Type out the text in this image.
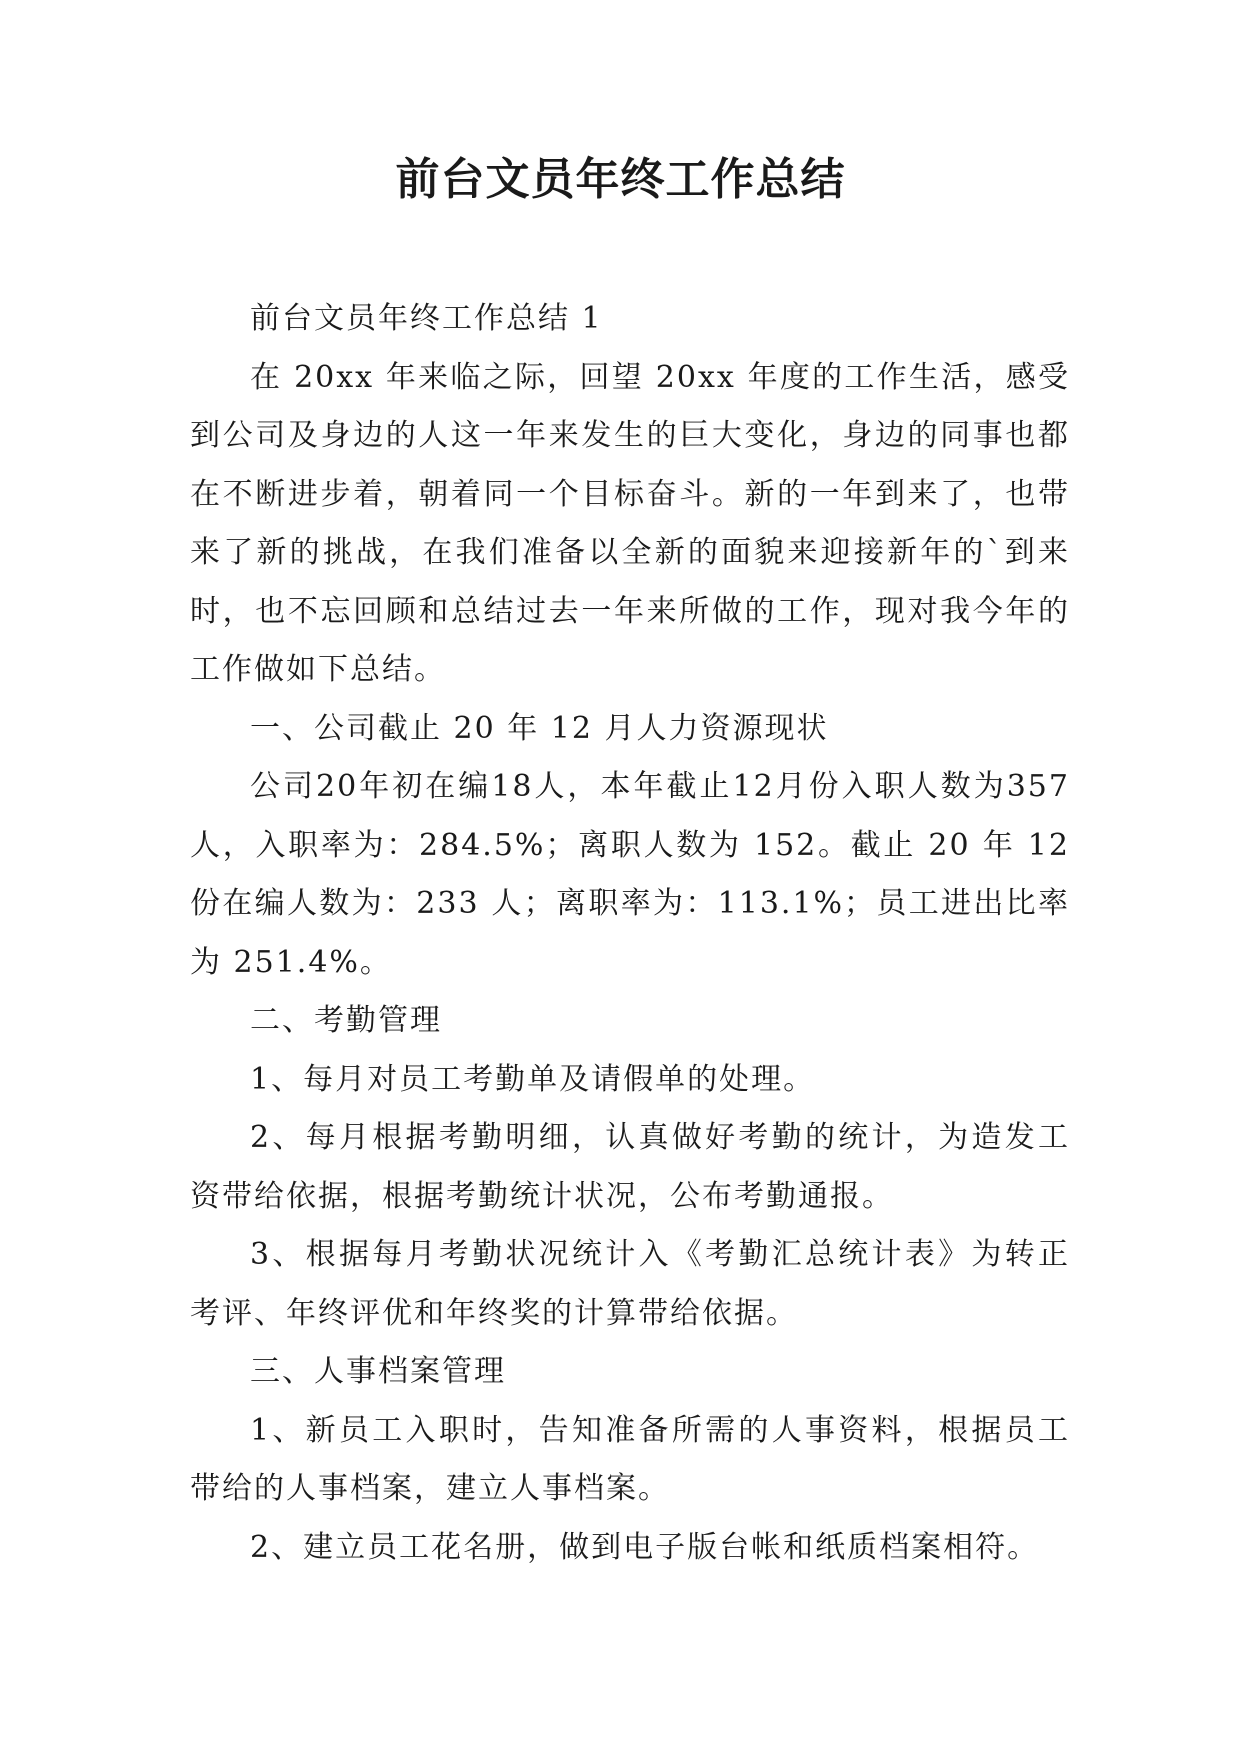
前台文员年终工作总结

前台文员年终工作总结 1

在 20xx 年来临之际，回望 20xx 年度的工作生活，感受到公司及身边的人这一年来发生的巨大变化，身边的同事也都在不断进步着，朝着同一个目标奋斗。新的一年到来了，也带来了新的挑战，在我们准备以全新的面貌来迎接新年的`到来时，也不忘回顾和总结过去一年来所做的工作，现对我今年的工作做如下总结。

一、公司截止 20 年 12 月人力资源现状

公司20年初在编18人，本年截止12月份入职人数为357人，入职率为：284.5%；离职人数为 152。截止 20 年 12 份在编人数为：233 人；离职率为：113.1%；员工进出比率为 251.4%。

二、考勤管理

1、每月对员工考勤单及请假单的处理。

2、每月根据考勤明细，认真做好考勤的统计，为造发工资带给依据，根据考勤统计状况，公布考勤通报。

3、根据每月考勤状况统计入《考勤汇总统计表》为转正考评、年终评优和年终奖的计算带给依据。

三、人事档案管理

1、新员工入职时，告知准备所需的人事资料，根据员工带给的人事档案，建立人事档案。

2、建立员工花名册，做到电子版台帐和纸质档案相符。
